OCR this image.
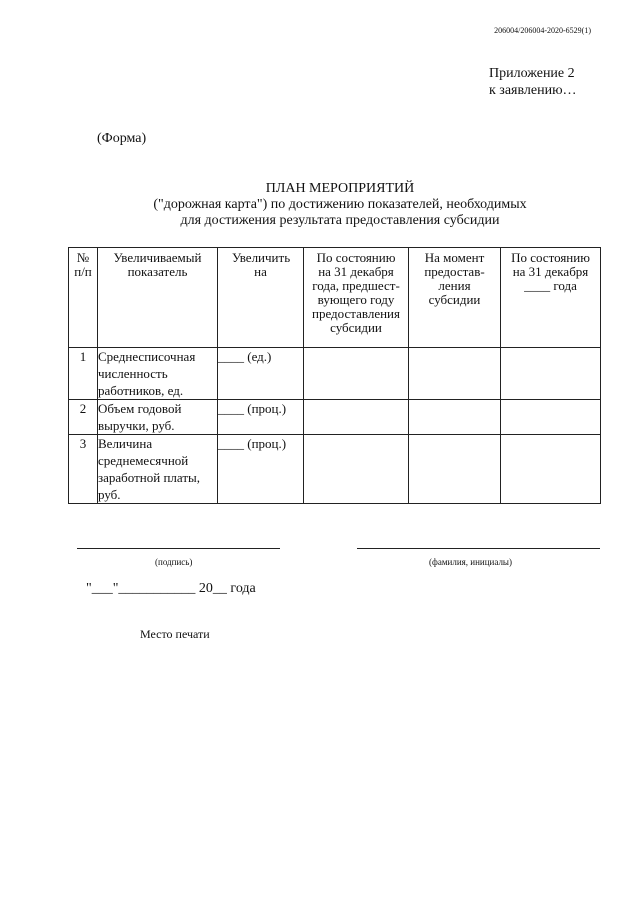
206004/206004-2020-6529(1)
Приложение 2
к заявлению…
(Форма)
ПЛАН МЕРОПРИЯТИЙ
("дорожная карта") по достижению показателей, необходимых
для достижения результата предоставления субсидии
№ п/п	Увеличиваемый показатель	Увеличить на	По состоянию на 31 декабря года, предшест- вующего году предоставления субсидии	На момент предостав- ления субсидии	По состоянию на 31 декабря ____ года

1	Среднесписочная численность работников, ед.	____ (ед.)			
2	Объем годовой выручки, руб.	____ (проц.)			
3	Величина среднемесячной заработной платы, руб.	____ (проц.)			
(подпись)	(фамилия, инициалы)
"___"___________ 20__ года
Место печати
